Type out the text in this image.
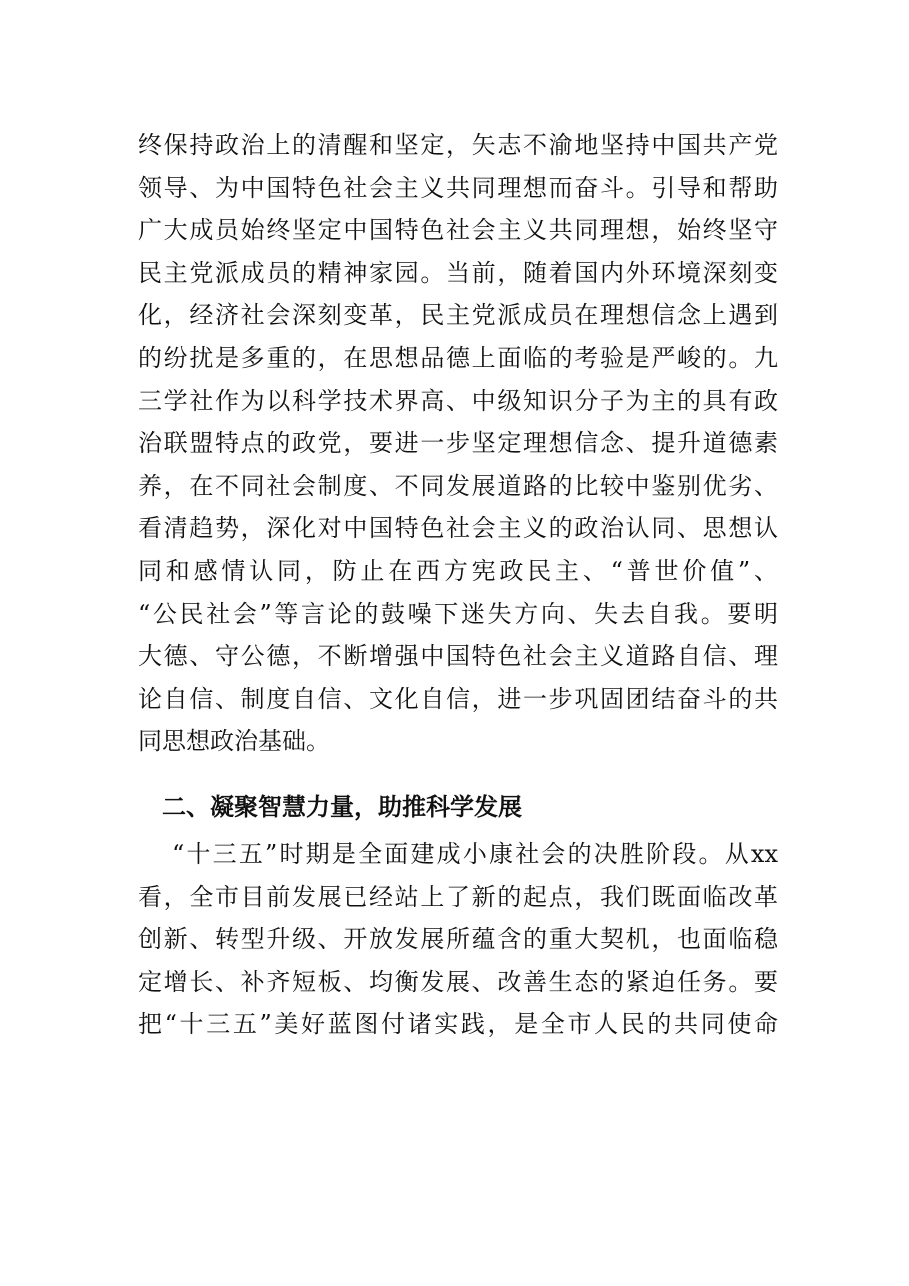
终保持政治上的清醒和坚定，矢志不渝地坚持中国共产党
领导、为中国特色社会主义共同理想而奋斗。引导和帮助
广大成员始终坚定中国特色社会主义共同理想，始终坚守
民主党派成员的精神家园。当前，随着国内外环境深刻变
化，经济社会深刻变革，民主党派成员在理想信念上遇到
的纷扰是多重的，在思想品德上面临的考验是严峻的。九
三学社作为以科学技术界高、中级知识分子为主的具有政
治联盟特点的政党，要进一步坚定理想信念、提升道德素
养，在不同社会制度、不同发展道路的比较中鉴别优劣、
看清趋势，深化对中国特色社会主义的政治认同、思想认
同和感情认同，防止在西方宪政民主、“普世价值”、
“公民社会”等言论的鼓噪下迷失方向、失去自我。要明
大德、守公德，不断增强中国特色社会主义道路自信、理
论自信、制度自信、文化自信，进一步巩固团结奋斗的共
同思想政治基础。
二、凝聚智慧力量，助推科学发展
“十三五”时期是全面建成小康社会的决胜阶段。从xx
看，全市目前发展已经站上了新的起点，我们既面临改革
创新、转型升级、开放发展所蕴含的重大契机，也面临稳
定增长、补齐短板、均衡发展、改善生态的紧迫任务。要
把“十三五”美好蓝图付诸实践，是全市人民的共同使命
